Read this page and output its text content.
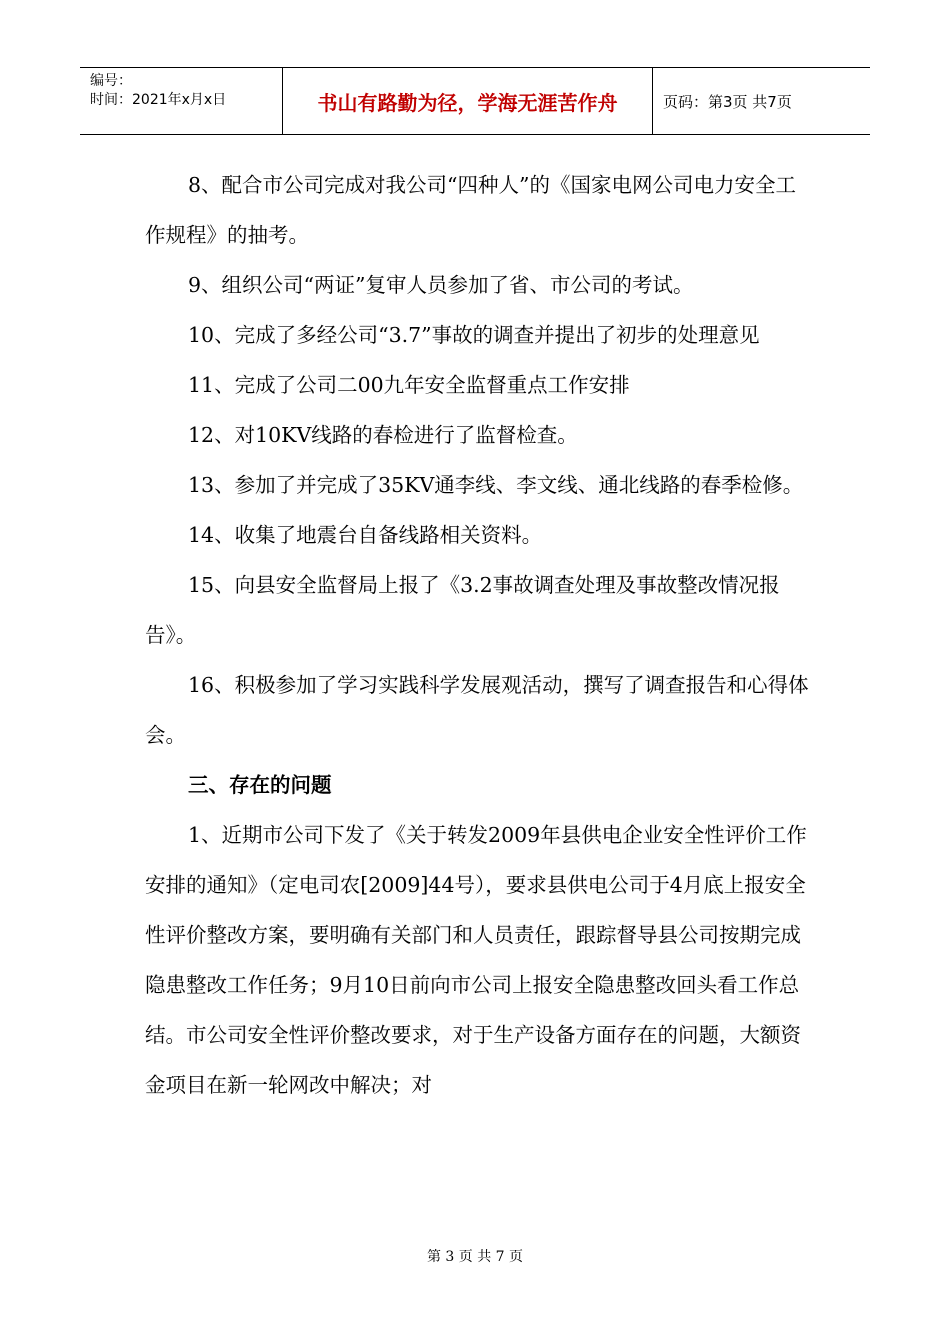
编号：
时间：2021年x月x日	书山有路勤为径，学海无涯苦作舟	页码：第3页 共7页

8、配合市公司完成对我公司“四种人”的《国家电网公司电力安全工作规程》的抽考。

9、组织公司“两证”复审人员参加了省、市公司的考试。

10、完成了多经公司“3.7”事故的调查并提出了初步的处理意见

11、完成了公司二00九年安全监督重点工作安排

12、对10KV线路的春检进行了监督检查。

13、参加了并完成了35KV通李线、李文线、通北线路的春季检修。

14、收集了地震台自备线路相关资料。

15、向县安全监督局上报了《3.2事故调查处理及事故整改情况报告》。

16、积极参加了学习实践科学发展观活动，撰写了调查报告和心得体会。

三、存在的问题

1、近期市公司下发了《关于转发2009年县供电企业安全性评价工作安排的通知》（定电司农[2009]44号），要求县供电公司于4月底上报安全性评价整改方案，要明确有关部门和人员责任，跟踪督导县公司按期完成隐患整改工作任务；9月10日前向市公司上报安全隐患整改回头看工作总结。市公司安全性评价整改要求，对于生产设备方面存在的问题，大额资金项目在新一轮网改中解决；对

第 3 页 共 7 页
